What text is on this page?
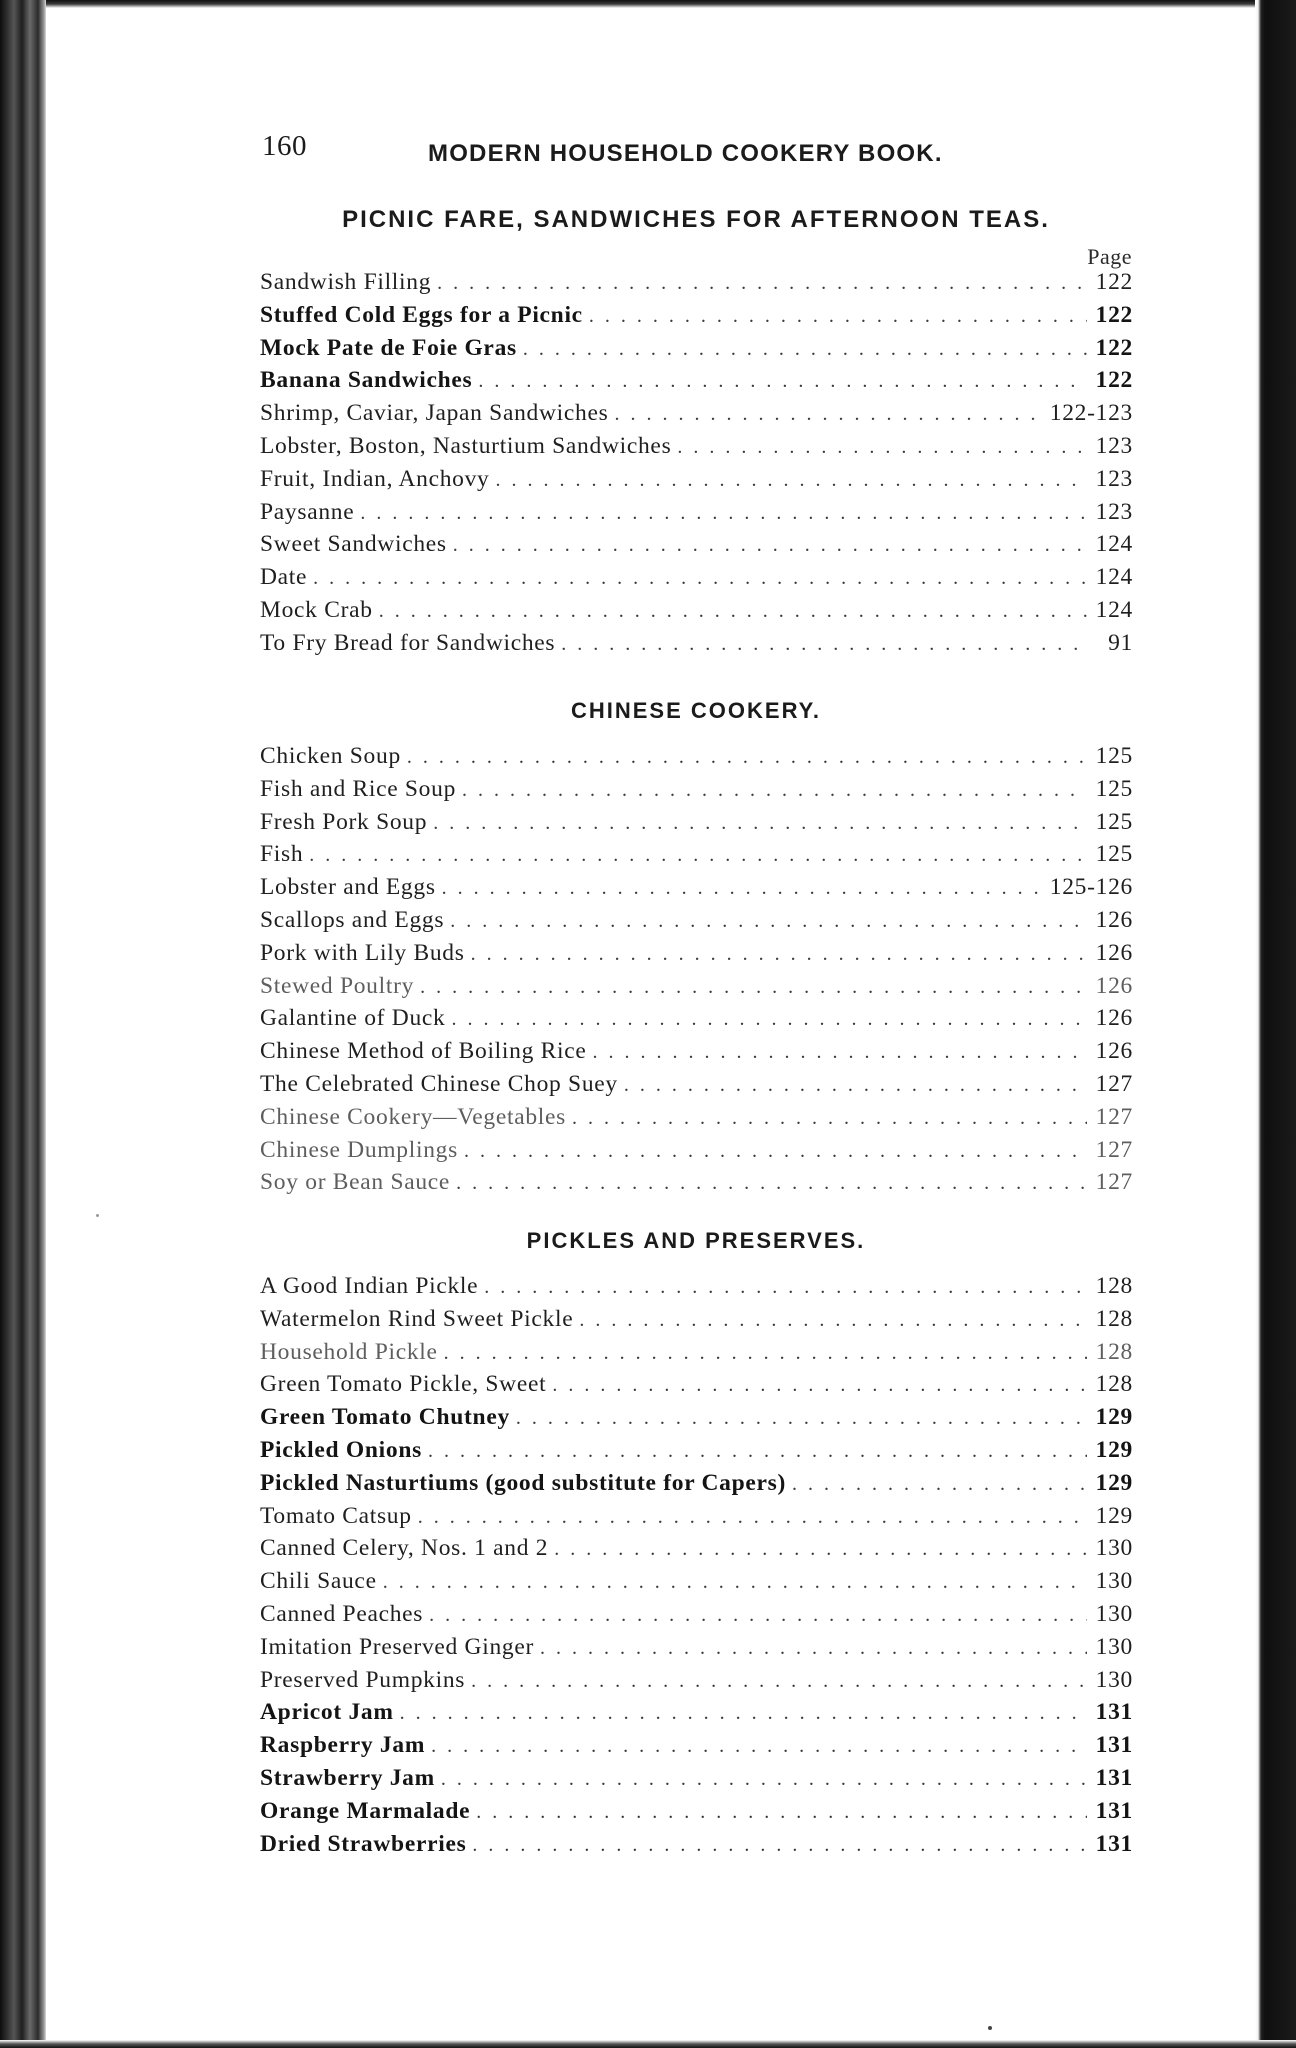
160	MODERN HOUSEHOLD COOKERY BOOK.
PICNIC FARE, SANDWICHES FOR AFTERNOON TEAS.
Page
Sandwish Filling . . .	122
Stuffed Cold Eggs for a Picnic . . .	122
Mock Pate de Foie Gras . . .	122
Banana Sandwiches . . .	122
Shrimp, Caviar, Japan Sandwiches . . .	122-123
Lobster, Boston, Nasturtium Sandwiches . . .	123
Fruit, Indian, Anchovy . . .	123
Paysanne . . .	123
Sweet Sandwiches . . .	124
Date . . .	124
Mock Crab . . .	124
To Fry Bread for Sandwiches . . .	91
CHINESE COOKERY.
Chicken Soup . . .	125
Fish and Rice Soup . . .	125
Fresh Pork Soup . . .	125
Fish . . .	125
Lobster and Eggs . . .	125-126
Scallops and Eggs . . .	126
Pork with Lily Buds . . .	126
Stewed Poultry . . .	126
Galantine of Duck . . .	126
Chinese Method of Boiling Rice . . .	126
The Celebrated Chinese Chop Suey . . .	127
Chinese Cookery—Vegetables . . .	127
Chinese Dumplings . . .	127
Soy or Bean Sauce . . .	127
PICKLES AND PRESERVES.
A Good Indian Pickle . . .	128
Watermelon Rind Sweet Pickle . . .	128
Household Pickle . . .	128
Green Tomato Pickle, Sweet . . .	128
Green Tomato Chutney . . .	129
Pickled Onions . . .	129
Pickled Nasturtiums (good substitute for Capers) . . .	129
Tomato Catsup . . .	129
Canned Celery, Nos. 1 and 2 . . .	130
Chili Sauce . . .	130
Canned Peaches . . .	130
Imitation Preserved Ginger . . .	130
Preserved Pumpkins . . .	130
Apricot Jam . . .	131
Raspberry Jam . . .	131
Strawberry Jam . . .	131
Orange Marmalade . . .	131
Dried Strawberries . . .	131
